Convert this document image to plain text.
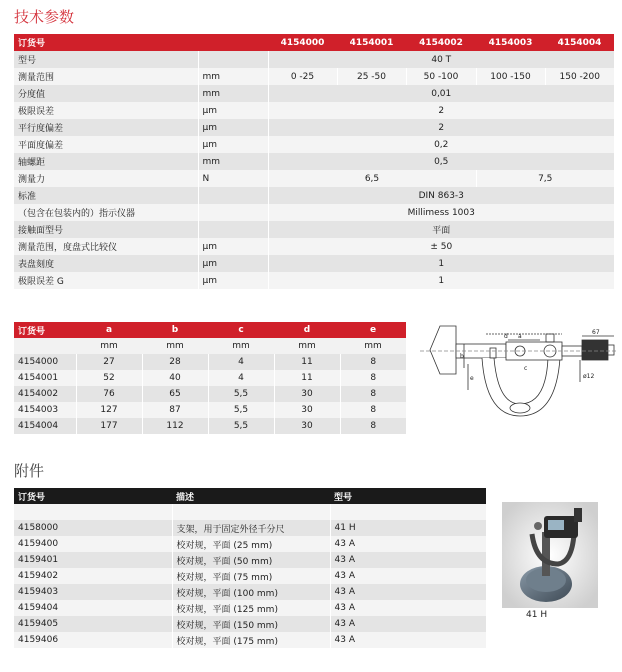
技术参数
订货号		4154000	4154001	4154002	4154003	4154004
型号		40 T				
测量范围	mm	0 -25	25 -50	50 -100	100 -150	150 -200
分度值	mm	0,01				
极限误差	µm	2				
平行度偏差	µm	2				
平面度偏差	µm	0,2				
轴螺距	mm	0,5				
测量力	N	6,5			7,5	
标准		DIN 863-3				
（包含在包装内的）指示仪器		Millimess 1003				
接触面型号		平面				
测量范围，度盘式比较仪	µm	± 50				
表盘刻度	µm	1				
极限误差 G	µm	1				
订货号	a	b	c	d	e
	mm	mm	mm	mm	mm
4154000	27	28	4	11	8
4154001	52	40	4	11	8
4154002	76	65	5,5	30	8
4154003	127	87	5,5	30	8
4154004	177	112	5,5	30	8
d a
b
e
c
67
ø12
附件
订货号	描述	型号

4158000	支架，用于固定外径千分尺	41 H
4159400	校对规，平面 (25 mm)	43 A
4159401	校对规，平面 (50 mm)	43 A
4159402	校对规，平面 (75 mm)	43 A
4159403	校对规，平面 (100 mm)	43 A
4159404	校对规，平面 (125 mm)	43 A
4159405	校对规，平面 (150 mm)	43 A
4159406	校对规，平面 (175 mm)	43 A
41 H
